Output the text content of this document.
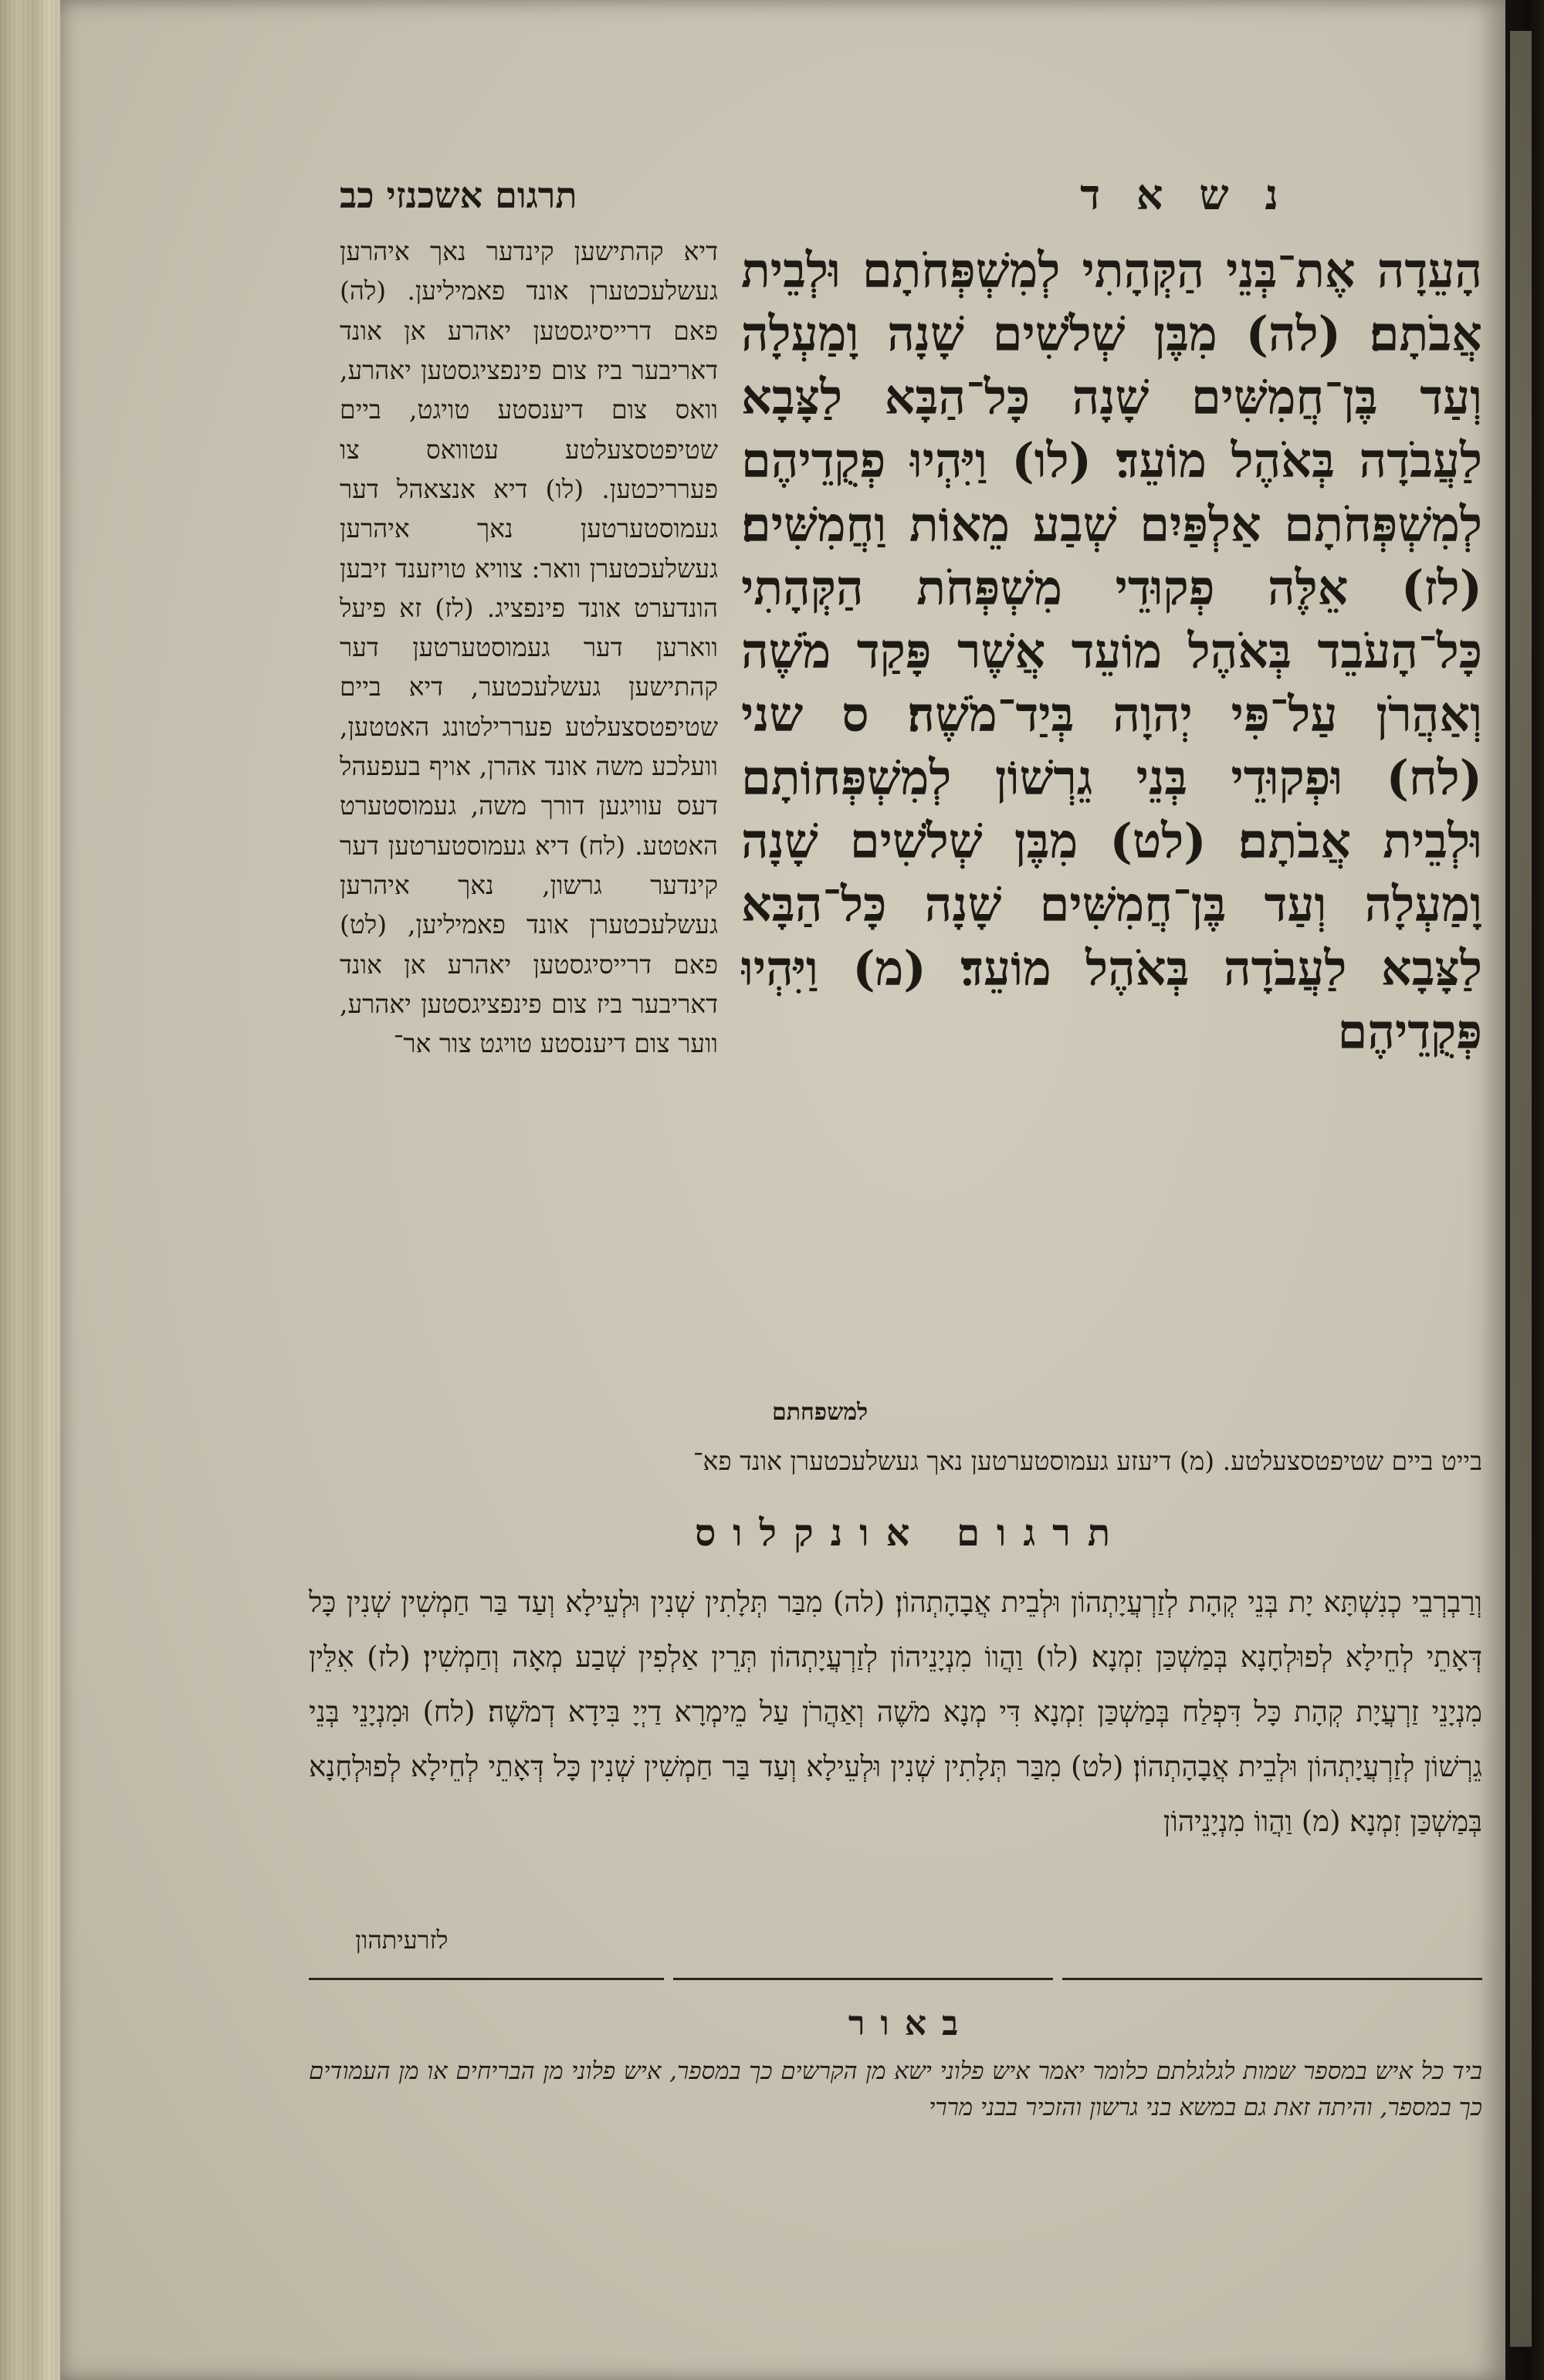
נ ש א ד
תרגום אשכנזי כב
הָעֵדָה אֶת־בְּנֵי הַקְּהָתִי לְמִשְׁפְּחֹתָם וּלְבֵית אֲבֹתָם׃ (לה) מִבֶּן שְׁלֹשִׁים שָׁנָה וָמַעְלָה וְעַד בֶּן־חֲמִשִּׁים שָׁנָה כָּל־הַבָּא לַצָּבָא לַעֲבֹדָה בְּאֹהֶל מוֹעֵד׃ (לו) וַיִּהְיוּ פְקֻדֵיהֶם לְמִשְׁפְּחֹתָם אַלְפַּיִם שְׁבַע מֵאוֹת וַחֲמִשִּׁים׃ (לז) אֵלֶּה פְקוּדֵי מִשְׁפְּחֹת הַקְּהָתִי כָּל־הָעֹבֵד בְּאֹהֶל מוֹעֵד אֲשֶׁר פָּקַד מֹשֶׁה וְאַהֲרֹן עַל־פִּי יְהוָה בְּיַד־מֹשֶׁה׃ ס שני (לח) וּפְקוּדֵי בְּנֵי גֵרְשׁוֹן לְמִשְׁפְּחוֹתָם וּלְבֵית אֲבֹתָם׃ (לט) מִבֶּן שְׁלֹשִׁים שָׁנָה וָמַעְלָה וְעַד בֶּן־חֲמִשִּׁים שָׁנָה כָּל־הַבָּא לַצָּבָא לַעֲבֹדָה בְּאֹהֶל מוֹעֵד׃ (מ) וַיִּהְיוּ פְּקֻדֵיהֶם
למשפחתם
דיא קהתישען קינדער נאך איהרען געשלעכטערן אונד פאמיליען. (לה) פאם דרייסיגסטען יאהרע אן אונד דאריבער ביז צום פינפציגסטען יאהרע, וואס צום דיענסטע טויגט, ביים שטיפטסצעלטע עטוואס צו פערריכטען. (לו) דיא אנצאהל דער געמוסטערטען נאך איהרען געשלעכטערן וואר: צוויא טויזענד זיבען הונדערט אונד פינפציג. (לז) זא פיעל ווארען דער געמוסטערטען דער קהתישען געשלעכטער, דיא ביים שטיפטסצעלטע פעררילטונג האטטען, וועלכע משה אונד אהרן, אויף בעפעהל דעס עוויגען דורך משה, געמוסטערט האטטע. (לח) דיא געמוסטערטען דער קינדער גרשון, נאך איהרען געשלעכטערן אונד פאמיליען, (לט) פאם דרייסיגסטען יאהרע אן אונד דאריבער ביז צום פינפציגסטען יאהרע, ווער צום דיענסטע טויגט צור אר־
בייט ביים שטיפטסצעלטע. (מ) דיעזע געמוסטערטען נאך געשלעכטערן אונד פא־
תרגום אונקלוס
וְרַבְרְבֵי כְנִשְׁתָּא יָת בְּנֵי קְהָת לְזַרְעֲיָתְהוֹן וּלְבֵית אֲבָהָתְהוֹן׃ (לה) מִבַּר תְּלָתִין שְׁנִין וּלְעֵילָא וְעַד בַּר חַמְשִׁין שְׁנִין כָּל דְּאָתֵי לְחֵילָא לְפוּלְחָנָא בְּמַשְׁכַּן זִמְנָא׃ (לו) וַהֲווֹ מִנְיָנֵיהוֹן לְזַרְעֲיָתְהוֹן תְּרֵין אַלְפִין שְׁבַע מְאָה וְחַמְשִׁין׃ (לז) אִלֵּין מִנְיָנֵי זַרְעֲיָת קְהָת כָּל דִּפְלַח בְּמַשְׁכַּן זִמְנָא דִּי מְנָא מֹשֶׁה וְאַהֲרֹן עַל מֵימְרָא דַיְיָ בִּידָא דְמֹשֶׁה׃ (לח) וּמִנְיָנֵי בְּנֵי גֵרְשׁוֹן לְזַרְעֲיָתְהוֹן וּלְבֵית אֲבָהָתְהוֹן׃ (לט) מִבַּר תְּלָתִין שְׁנִין וּלְעֵילָא וְעַד בַּר חַמְשִׁין שְׁנִין כָּל דְּאָתֵי לְחֵילָא לְפוּלְחָנָא בְּמַשְׁכַּן זִמְנָא׃ (מ) וַהֲווֹ מִנְיָנֵיהוֹן
לזרעיתהון
באור
ביד כל איש במספר שמות לגלגלתם כלומר יאמר איש פלוני ישא מן הקרשים כך במספר, איש פלוני מן הבריחים או מן העמודים כך במספר, והיתה זאת גם במשא בני גרשון והזכיר בבני מררי
